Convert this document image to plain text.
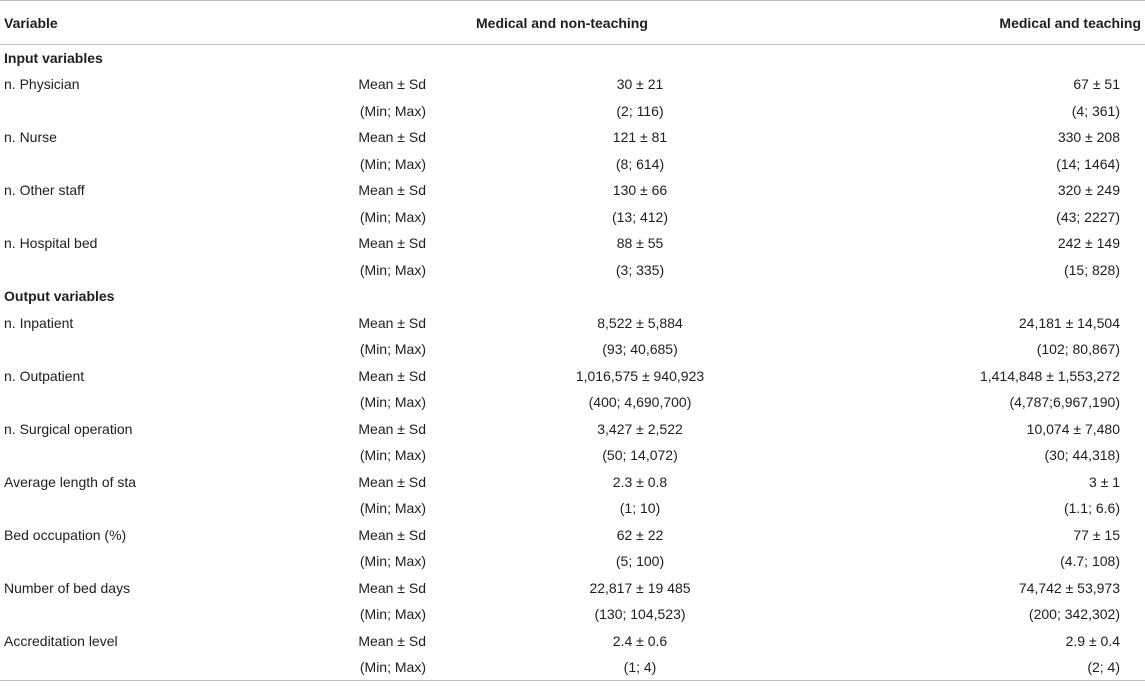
Variable		Medical and non-teaching	Medical and teaching
Input variables			
n. Physician	Mean ± Sd	30 ± 21	67 ± 51
	(Min; Max)	(2; 116)	(4; 361)
n. Nurse	Mean ± Sd	121 ± 81	330 ± 208
	(Min; Max)	(8; 614)	(14; 1464)
n. Other staff	Mean ± Sd	130 ± 66	320 ± 249
	(Min; Max)	(13; 412)	(43; 2227)
n. Hospital bed	Mean ± Sd	88 ± 55	242 ± 149
	(Min; Max)	(3; 335)	(15; 828)
Output variables			
n. Inpatient	Mean ± Sd	8,522 ± 5,884	24,181 ± 14,504
	(Min; Max)	(93; 40,685)	(102; 80,867)
n. Outpatient	Mean ± Sd	1,016,575 ± 940,923	1,414,848 ± 1,553,272
	(Min; Max)	(400; 4,690,700)	(4,787;6,967,190)
n. Surgical operation	Mean ± Sd	3,427 ± 2,522	10,074 ± 7,480
	(Min; Max)	(50; 14,072)	(30; 44,318)
Average length of sta	Mean ± Sd	2.3 ± 0.8	3 ± 1
	(Min; Max)	(1; 10)	(1.1; 6.6)
Bed occupation (%)	Mean ± Sd	62 ± 22	77 ± 15
	(Min; Max)	(5; 100)	(4.7; 108)
Number of bed days	Mean ± Sd	22,817 ± 19 485	74,742 ± 53,973
	(Min; Max)	(130; 104,523)	(200; 342,302)
Accreditation level	Mean ± Sd	2.4 ± 0.6	2.9 ± 0.4
	(Min; Max)	(1; 4)	(2; 4)
